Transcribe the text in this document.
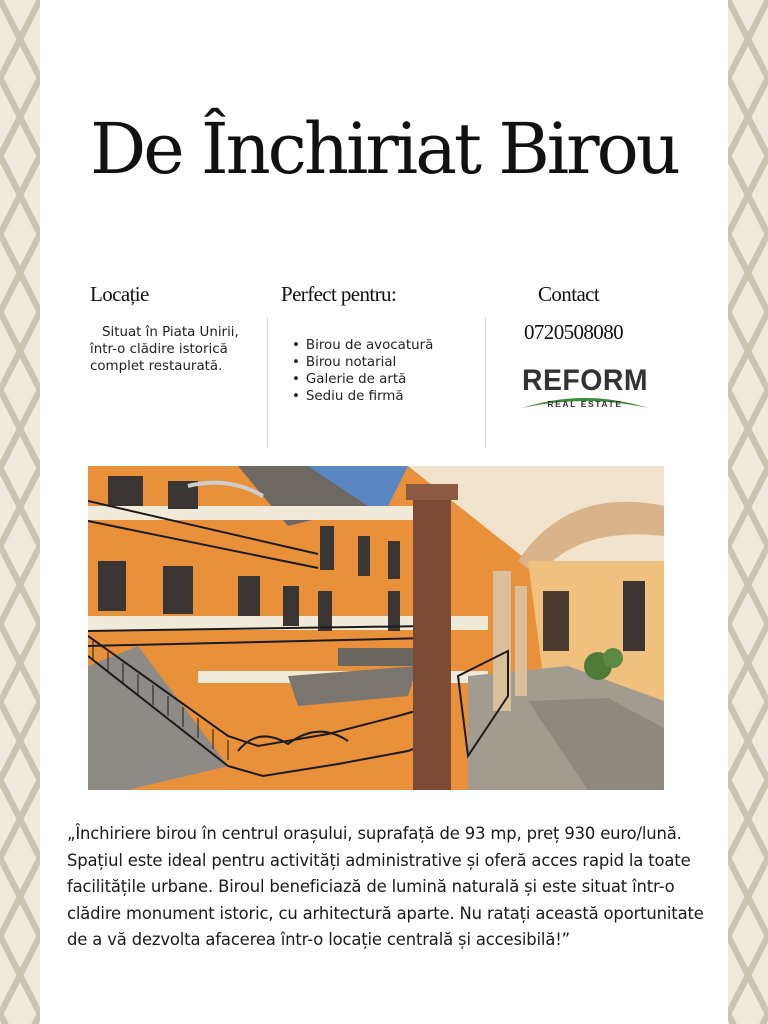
De Închiriat Birou
Locație
Situat în Piata Unirii, într-o clădire istorică complet restaurată.
Perfect pentru:
• Birou de avocatură
• Birou notarial
• Galerie de artă
• Sediu de firmă
Contact
0720508080
REFORM
REAL ESTATE

„Închiriere birou în centrul orașului, suprafață de 93 mp, preț 930 euro/lună. Spațiul este ideal pentru activități administrative și oferă acces rapid la toate facilitățile urbane. Biroul beneficiază de lumină naturală și este situat într-o clădire monument istoric, cu arhitectură aparte. Nu ratați această oportunitate de a vă dezvolta afacerea într-o locație centrală și accesibilă!”
